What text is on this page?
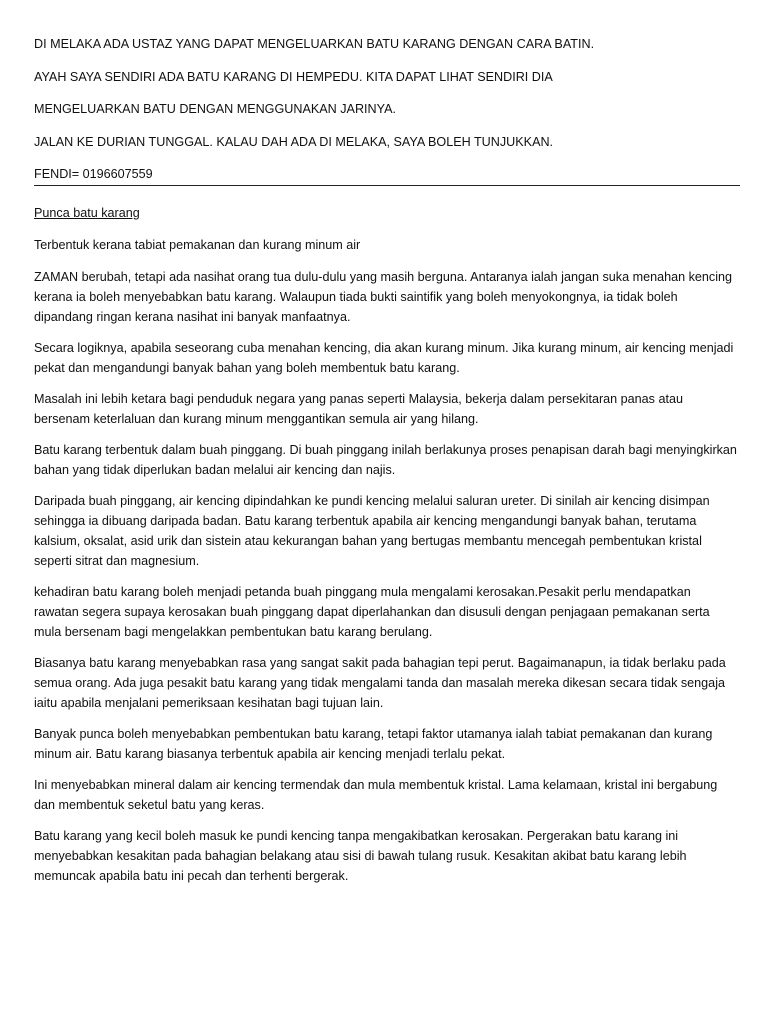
DI MELAKA ADA USTAZ YANG DAPAT MENGELUARKAN BATU KARANG DENGAN CARA BATIN.

AYAH SAYA SENDIRI ADA BATU KARANG DI HEMPEDU. KITA DAPAT LIHAT SENDIRI DIA

MENGELUARKAN BATU DENGAN MENGGUNAKAN JARINYA.

JALAN KE DURIAN TUNGGAL. KALAU DAH ADA DI MELAKA, SAYA BOLEH TUNJUKKAN.

FENDI= 0196607559

Punca batu karang

Terbentuk kerana tabiat pemakanan dan kurang minum air

ZAMAN berubah, tetapi ada nasihat orang tua dulu-dulu yang masih berguna. Antaranya ialah jangan suka menahan kencing kerana ia boleh menyebabkan batu karang. Walaupun tiada bukti saintifik yang boleh menyokongnya, ia tidak boleh dipandang ringan kerana nasihat ini banyak manfaatnya.

Secara logiknya, apabila seseorang cuba menahan kencing, dia akan kurang minum. Jika kurang minum, air kencing menjadi pekat dan mengandungi banyak bahan yang boleh membentuk batu karang.

Masalah ini lebih ketara bagi penduduk negara yang panas seperti Malaysia, bekerja dalam persekitaran panas atau bersenam keterlaluan dan kurang minum menggantikan semula air yang hilang.

Batu karang terbentuk dalam buah pinggang. Di buah pinggang inilah berlakunya proses penapisan darah bagi menyingkirkan bahan yang tidak diperlukan badan melalui air kencing dan najis.

Daripada buah pinggang, air kencing dipindahkan ke pundi kencing melalui saluran ureter. Di sinilah air kencing disimpan sehingga ia dibuang daripada badan. Batu karang terbentuk apabila air kencing mengandungi banyak bahan, terutama kalsium, oksalat, asid urik dan sistein atau kekurangan bahan yang bertugas membantu mencegah pembentukan kristal seperti sitrat dan magnesium.

kehadiran batu karang boleh menjadi petanda buah pinggang mula mengalami kerosakan.Pesakit perlu mendapatkan rawatan segera supaya kerosakan buah pinggang dapat diperlahankan dan disusuli dengan penjagaan pemakanan serta mula bersenam bagi mengelakkan pembentukan batu karang berulang.

Biasanya batu karang menyebabkan rasa yang sangat sakit pada bahagian tepi perut. Bagaimanapun, ia tidak berlaku pada semua orang. Ada juga pesakit batu karang yang tidak mengalami tanda dan masalah mereka dikesan secara tidak sengaja iaitu apabila menjalani pemeriksaan kesihatan bagi tujuan lain.

Banyak punca boleh menyebabkan pembentukan batu karang, tetapi faktor utamanya ialah tabiat pemakanan dan kurang minum air. Batu karang biasanya terbentuk apabila air kencing menjadi terlalu pekat.

Ini menyebabkan mineral dalam air kencing termendak dan mula membentuk kristal. Lama kelamaan, kristal ini bergabung dan membentuk seketul batu yang keras.

Batu karang yang kecil boleh masuk ke pundi kencing tanpa mengakibatkan kerosakan. Pergerakan batu karang ini menyebabkan kesakitan pada bahagian belakang atau sisi di bawah tulang rusuk. Kesakitan akibat batu karang lebih memuncak apabila batu ini pecah dan terhenti bergerak.
